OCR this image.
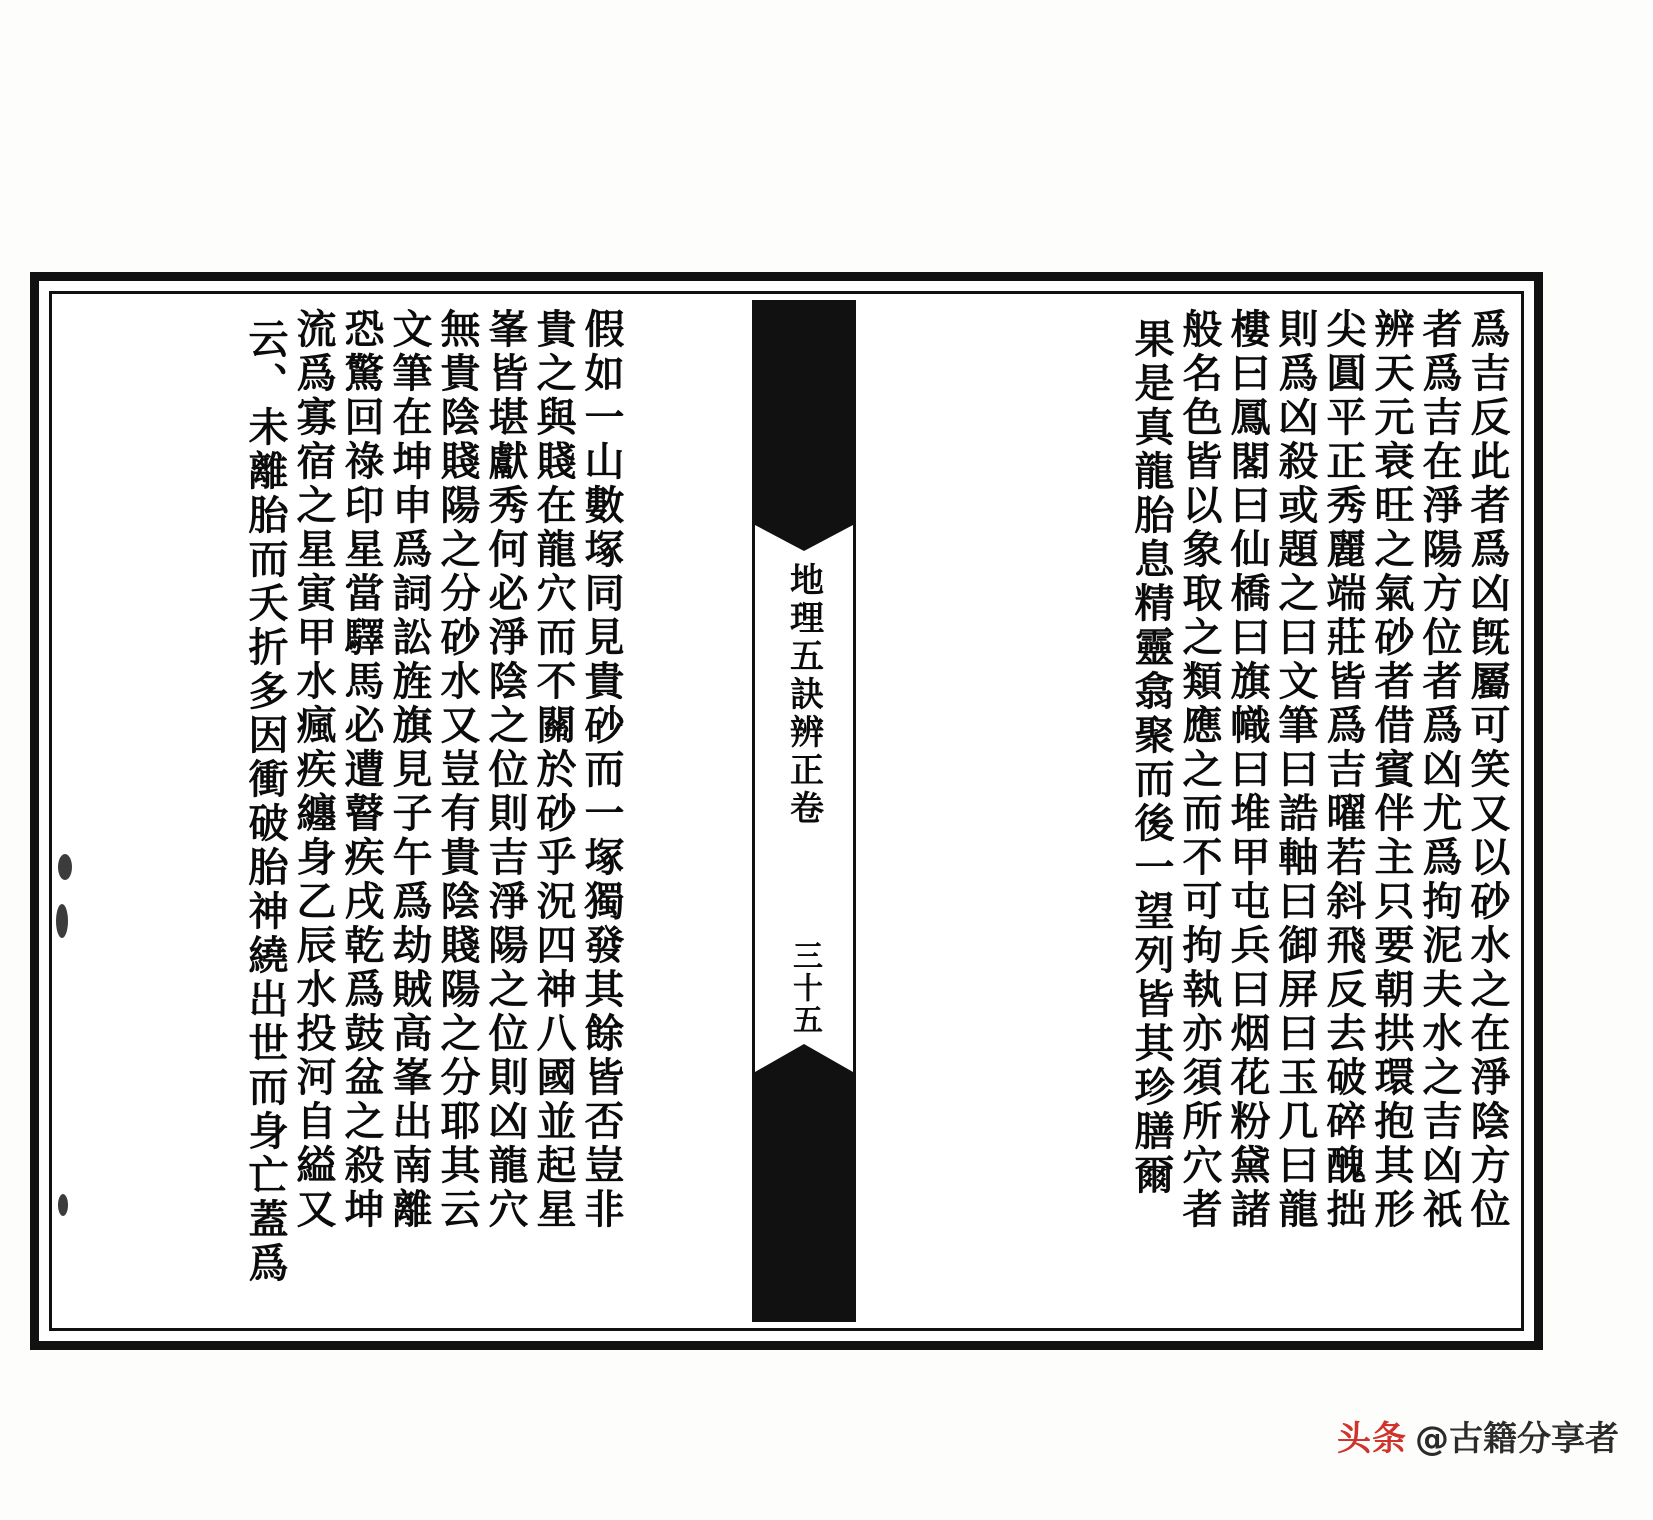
爲吉反此者爲凶旣屬可笑又以砂水之在淨陰方位
者爲吉在淨陽方位者爲凶尤爲拘泥夫水之吉凶祇
辨天元衰旺之氣砂者借賓伴主只要朝拱環抱其形
尖圓平正秀麗端莊皆爲吉曜若斜飛反去破碎醜拙
則爲凶殺或題之曰文筆曰誥軸曰御屏曰玉几曰龍
樓曰鳳閣曰仙橋曰旗幟曰堆甲屯兵曰烟花粉黛諸
般名色皆以象取之類應之而不可拘執亦須所穴者
果是真龍胎息精靈翕聚而後一望列皆其珍膳爾
地理五訣辨正卷
三十五
假如一山數塚同見貴砂而一塚獨發其餘皆否豈非
貴之與賤在龍穴而不關於砂乎況四神八國並起星
峯皆堪獻秀何必淨陰之位則吉淨陽之位則凶龍穴
無貴陰賤陽之分砂水又豈有貴陰賤陽之分耶其云
文筆在坤申爲詞訟旌旗見子午爲劫賊高峯出南離
恐驚回祿印星當驛馬必遭瞽疾戌乾爲鼓盆之殺坤
流爲寡宿之星寅甲水瘋疾纏身乙辰水投河自縊又
云、未離胎而夭折多因衝破胎神繞出世而身亡蓋爲
头条 @古籍分享者
